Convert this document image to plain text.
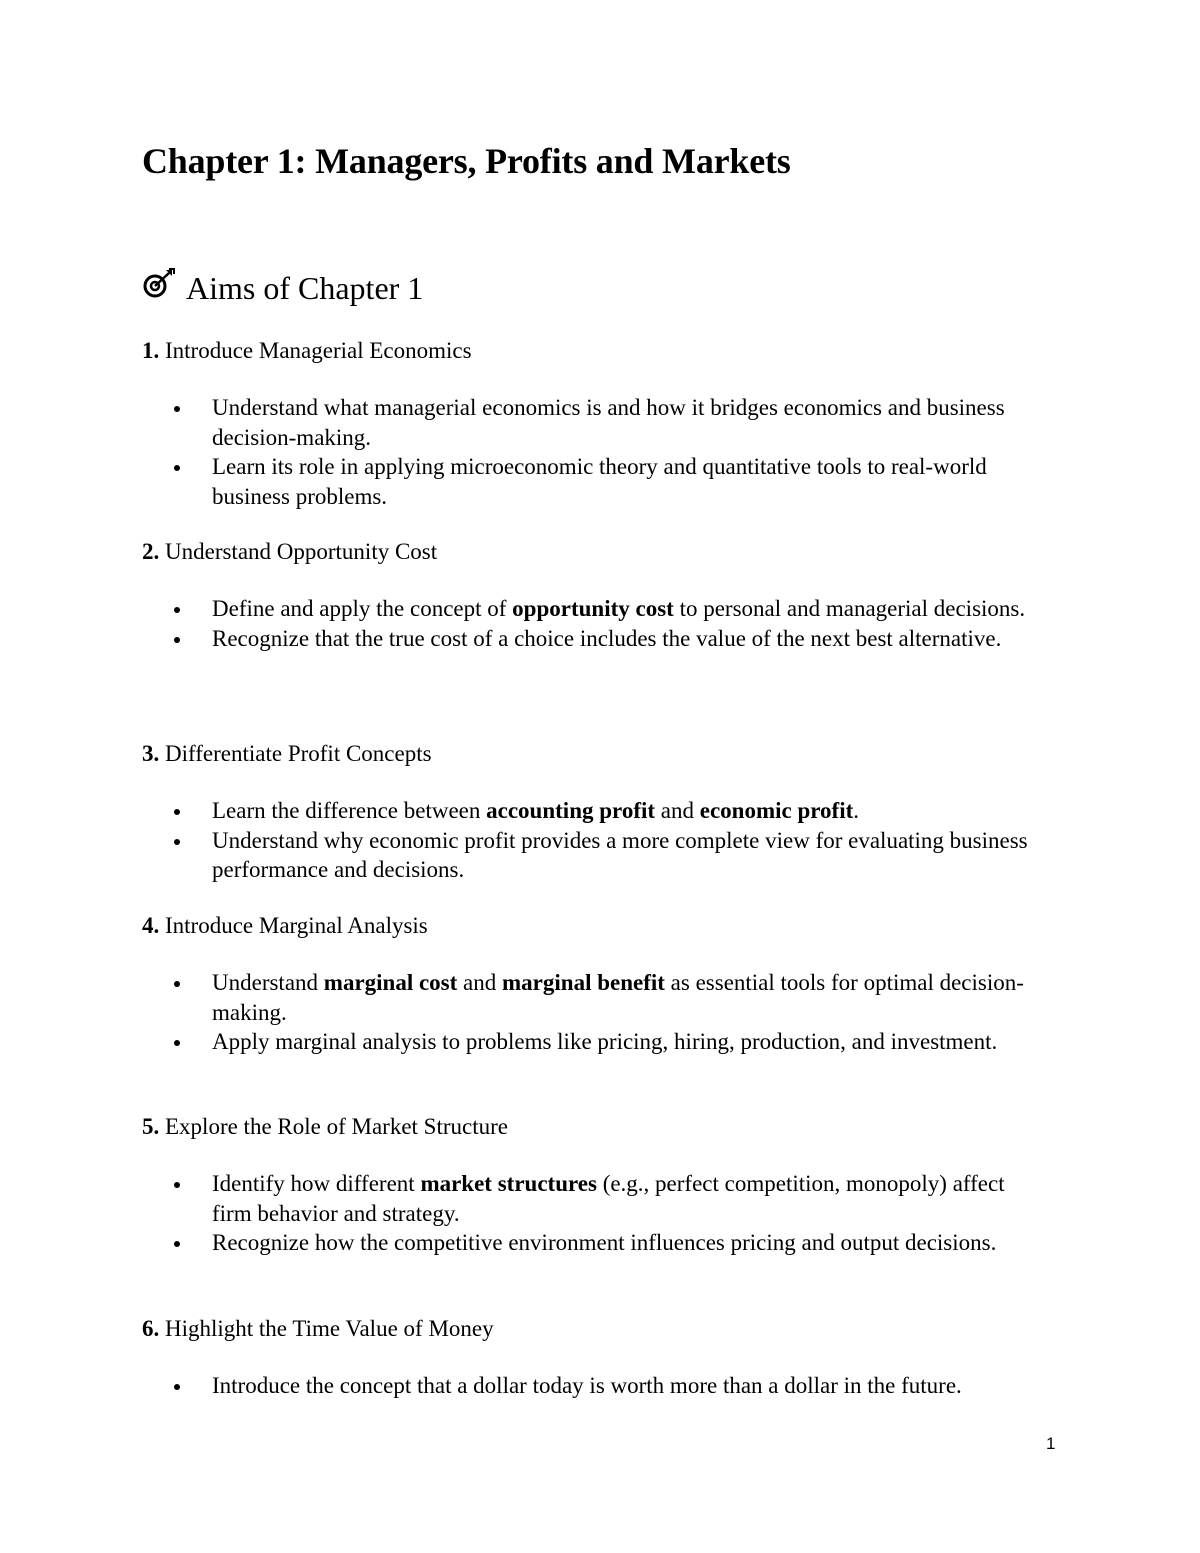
Chapter 1: Managers, Profits and Markets
Aims of Chapter 1
1. Introduce Managerial Economics
Understand what managerial economics is and how it bridges economics and business decision-making.
Learn its role in applying microeconomic theory and quantitative tools to real-world business problems.
2. Understand Opportunity Cost
Define and apply the concept of opportunity cost to personal and managerial decisions.
Recognize that the true cost of a choice includes the value of the next best alternative.
3. Differentiate Profit Concepts
Learn the difference between accounting profit and economic profit.
Understand why economic profit provides a more complete view for evaluating business performance and decisions.
4. Introduce Marginal Analysis
Understand marginal cost and marginal benefit as essential tools for optimal decision-making.
Apply marginal analysis to problems like pricing, hiring, production, and investment.
5. Explore the Role of Market Structure
Identify how different market structures (e.g., perfect competition, monopoly) affect firm behavior and strategy.
Recognize how the competitive environment influences pricing and output decisions.
6. Highlight the Time Value of Money
Introduce the concept that a dollar today is worth more than a dollar in the future.
1
